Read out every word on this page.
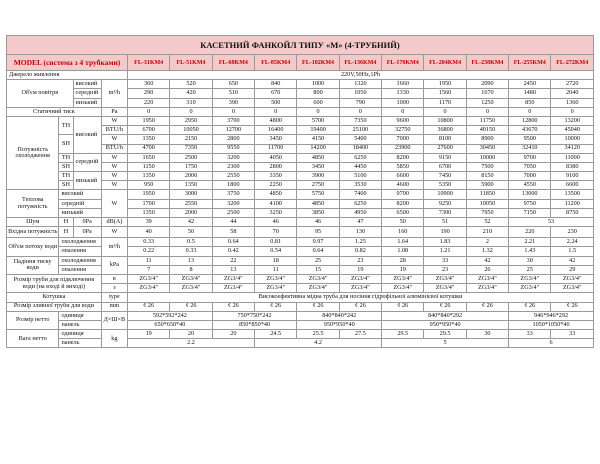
КАСЕТНИЙ ФАНКОЙЛ ТИПУ «M» (4-ТРУБНИЙ)														
MODEL (система з 4 трубками)				FL-31KM4	FL-51KM4	FL-68KM4	FL-85KM4	FL-102KM4	FL-136KM4	FL-170KM4	FL-204KM4	FL-238KM4	FL-255KM4	FL-272KM4
Джерело живлення				220V,50Hz,1Ph										
Об'єм повітря		високий	m³/h	360	520	650	840	1000	1320	1660	1950	2090	2450	2720
		середній		290	420	510	670	800	1050	1330	1560	1670	1480	2040
		низький		220	310	390	500	600	790	1000	1170	1250	850	1360
Статичний тиск			Pa	0	0	0	0	0	0	0	0	0	0	0
Потужність охолодження	TH	високий	W	1950	2950	3700	4800	5700	7350	9600	10800	11750	12800	13200
			BTU/h	6700	10050	12700	16400	19400	25100	32750	36800	40150	43670	45040
	SH		W	1350	2150	2800	3450	4150	5400	7000	8100	8900	9500	10000
			BTU/h	4700	7350	9550	11700	14200	18400	23900	27600	30450	32410	34120
	TH	середній	W	1650	2500	3200	4050	4850	6250	8200	9150	10000	9700	11000
	SH		W	1150	1750	2300	2800	3450	4450	5850	6700	7500	7050	8380
	TH	низький	W	1350	2000	2550	3350	3900	5100	6600	7450	8150	7000	9100
	SH		W	950	1350	1800	2250	2750	3530	4600	5350	5900	4550	6600
Теплова потужність	високий		W	1950	3000	3750	4850	5750	7400	9700	10900	11850	13000	13500
	середній			1700	2550	3200	4100	4850	6250	8200	9250	10050	9750	11200
	низький			1350	2000	2500	3250	3850	4950	6500	7300	7950	7150	8750
Шум	H	0Pa	dB(A)	39	42	44	46	46	47	50	51	52	53	
Вхідна потужність	H	0Pa	W	40	50	58	70	95	130	160	190	210	220	230
Об'єм потоку води	охолодження		m³/h	0.33	0.5	0.64	0.81	0.97	1.25	1.64	1.83	2	2.21	2.24
	опалення			0.22	0.33	0.42	0.54	0.64	0.82	1.08	1.21	1.32	1.43	1.5
Падіння тиску води	охолодження		kPa	11	13	22	18	25	23	28	33	42	30	42
	опалення			7	8	13	11	15	19	19	23	26	25	29
Розмір труби для підключення води (на вході й виході)			в	ZG3/4"	ZG3/4"	ZG3/4"	ZG3/4"	ZG3/4"	ZG3/4"	ZG3/4"	ZG3/4"	ZG3/4"	ZG3/4"	ZG3/4"
			з	ZG3/4"	ZG3/4"	ZG3/4"	ZG3/4"	ZG3/4"	ZG3/4"	ZG3/4"	ZG3/4"	ZG3/4"	ZG3/4"	ZG3/4"
Котушка			type	Високоефективна мідна труба для носіння гідрофільної алюмінієвої котушки										
Розмір зливної труби для води			mm	¢ 26	¢ 26	¢ 26	¢ 26	¢ 26	¢ 26	¢ 26	¢ 26	¢ 26	¢ 26	¢ 26
Розмір нетто	одиниця		Д×Ш×В	592*592*242		750*750*242		840*840*242		840*840*292			946*946*292	
	панель			650*650*40		850*850*40		950*950*40		950*950*40			1050*1050*40	
Вага нетто	одиниця		kg	19	20	20	24.5	25.5	27.5	29.5	29.5	30	33	33
	панель			2.2			4.2			5			6	
